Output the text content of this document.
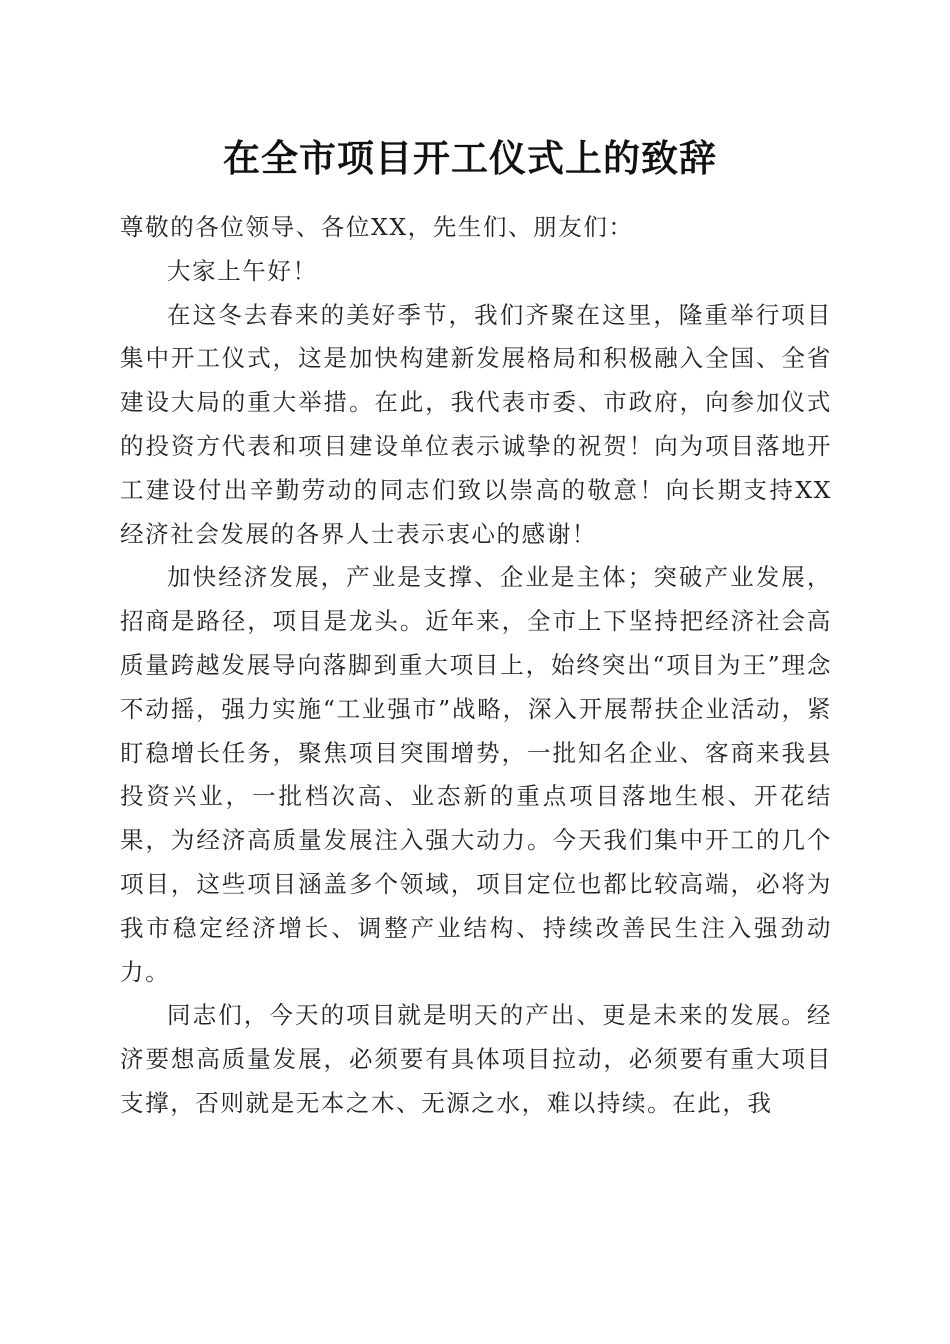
在全市项目开工仪式上的致辞

尊敬的各位领导、各位XX，先生们、朋友们：

大家上午好！

在这冬去春来的美好季节，我们齐聚在这里，隆重举行项目集中开工仪式，这是加快构建新发展格局和积极融入全国、全省建设大局的重大举措。在此，我代表市委、市政府，向参加仪式的投资方代表和项目建设单位表示诚挚的祝贺！向为项目落地开工建设付出辛勤劳动的同志们致以崇高的敬意！向长期支持XX经济社会发展的各界人士表示衷心的感谢！

加快经济发展，产业是支撑、企业是主体；突破产业发展，招商是路径，项目是龙头。近年来，全市上下坚持把经济社会高质量跨越发展导向落脚到重大项目上，始终突出“项目为王”理念不动摇，强力实施“工业强市”战略，深入开展帮扶企业活动，紧盯稳增长任务，聚焦项目突围增势，一批知名企业、客商来我县投资兴业，一批档次高、业态新的重点项目落地生根、开花结果，为经济高质量发展注入强大动力。今天我们集中开工的几个项目，这些项目涵盖多个领域，项目定位也都比较高端，必将为我市稳定经济增长、调整产业结构、持续改善民生注入强劲动力。

同志们，今天的项目就是明天的产出、更是未来的发展。经济要想高质量发展，必须要有具体项目拉动，必须要有重大项目支撑，否则就是无本之木、无源之水，难以持续。在此，我
